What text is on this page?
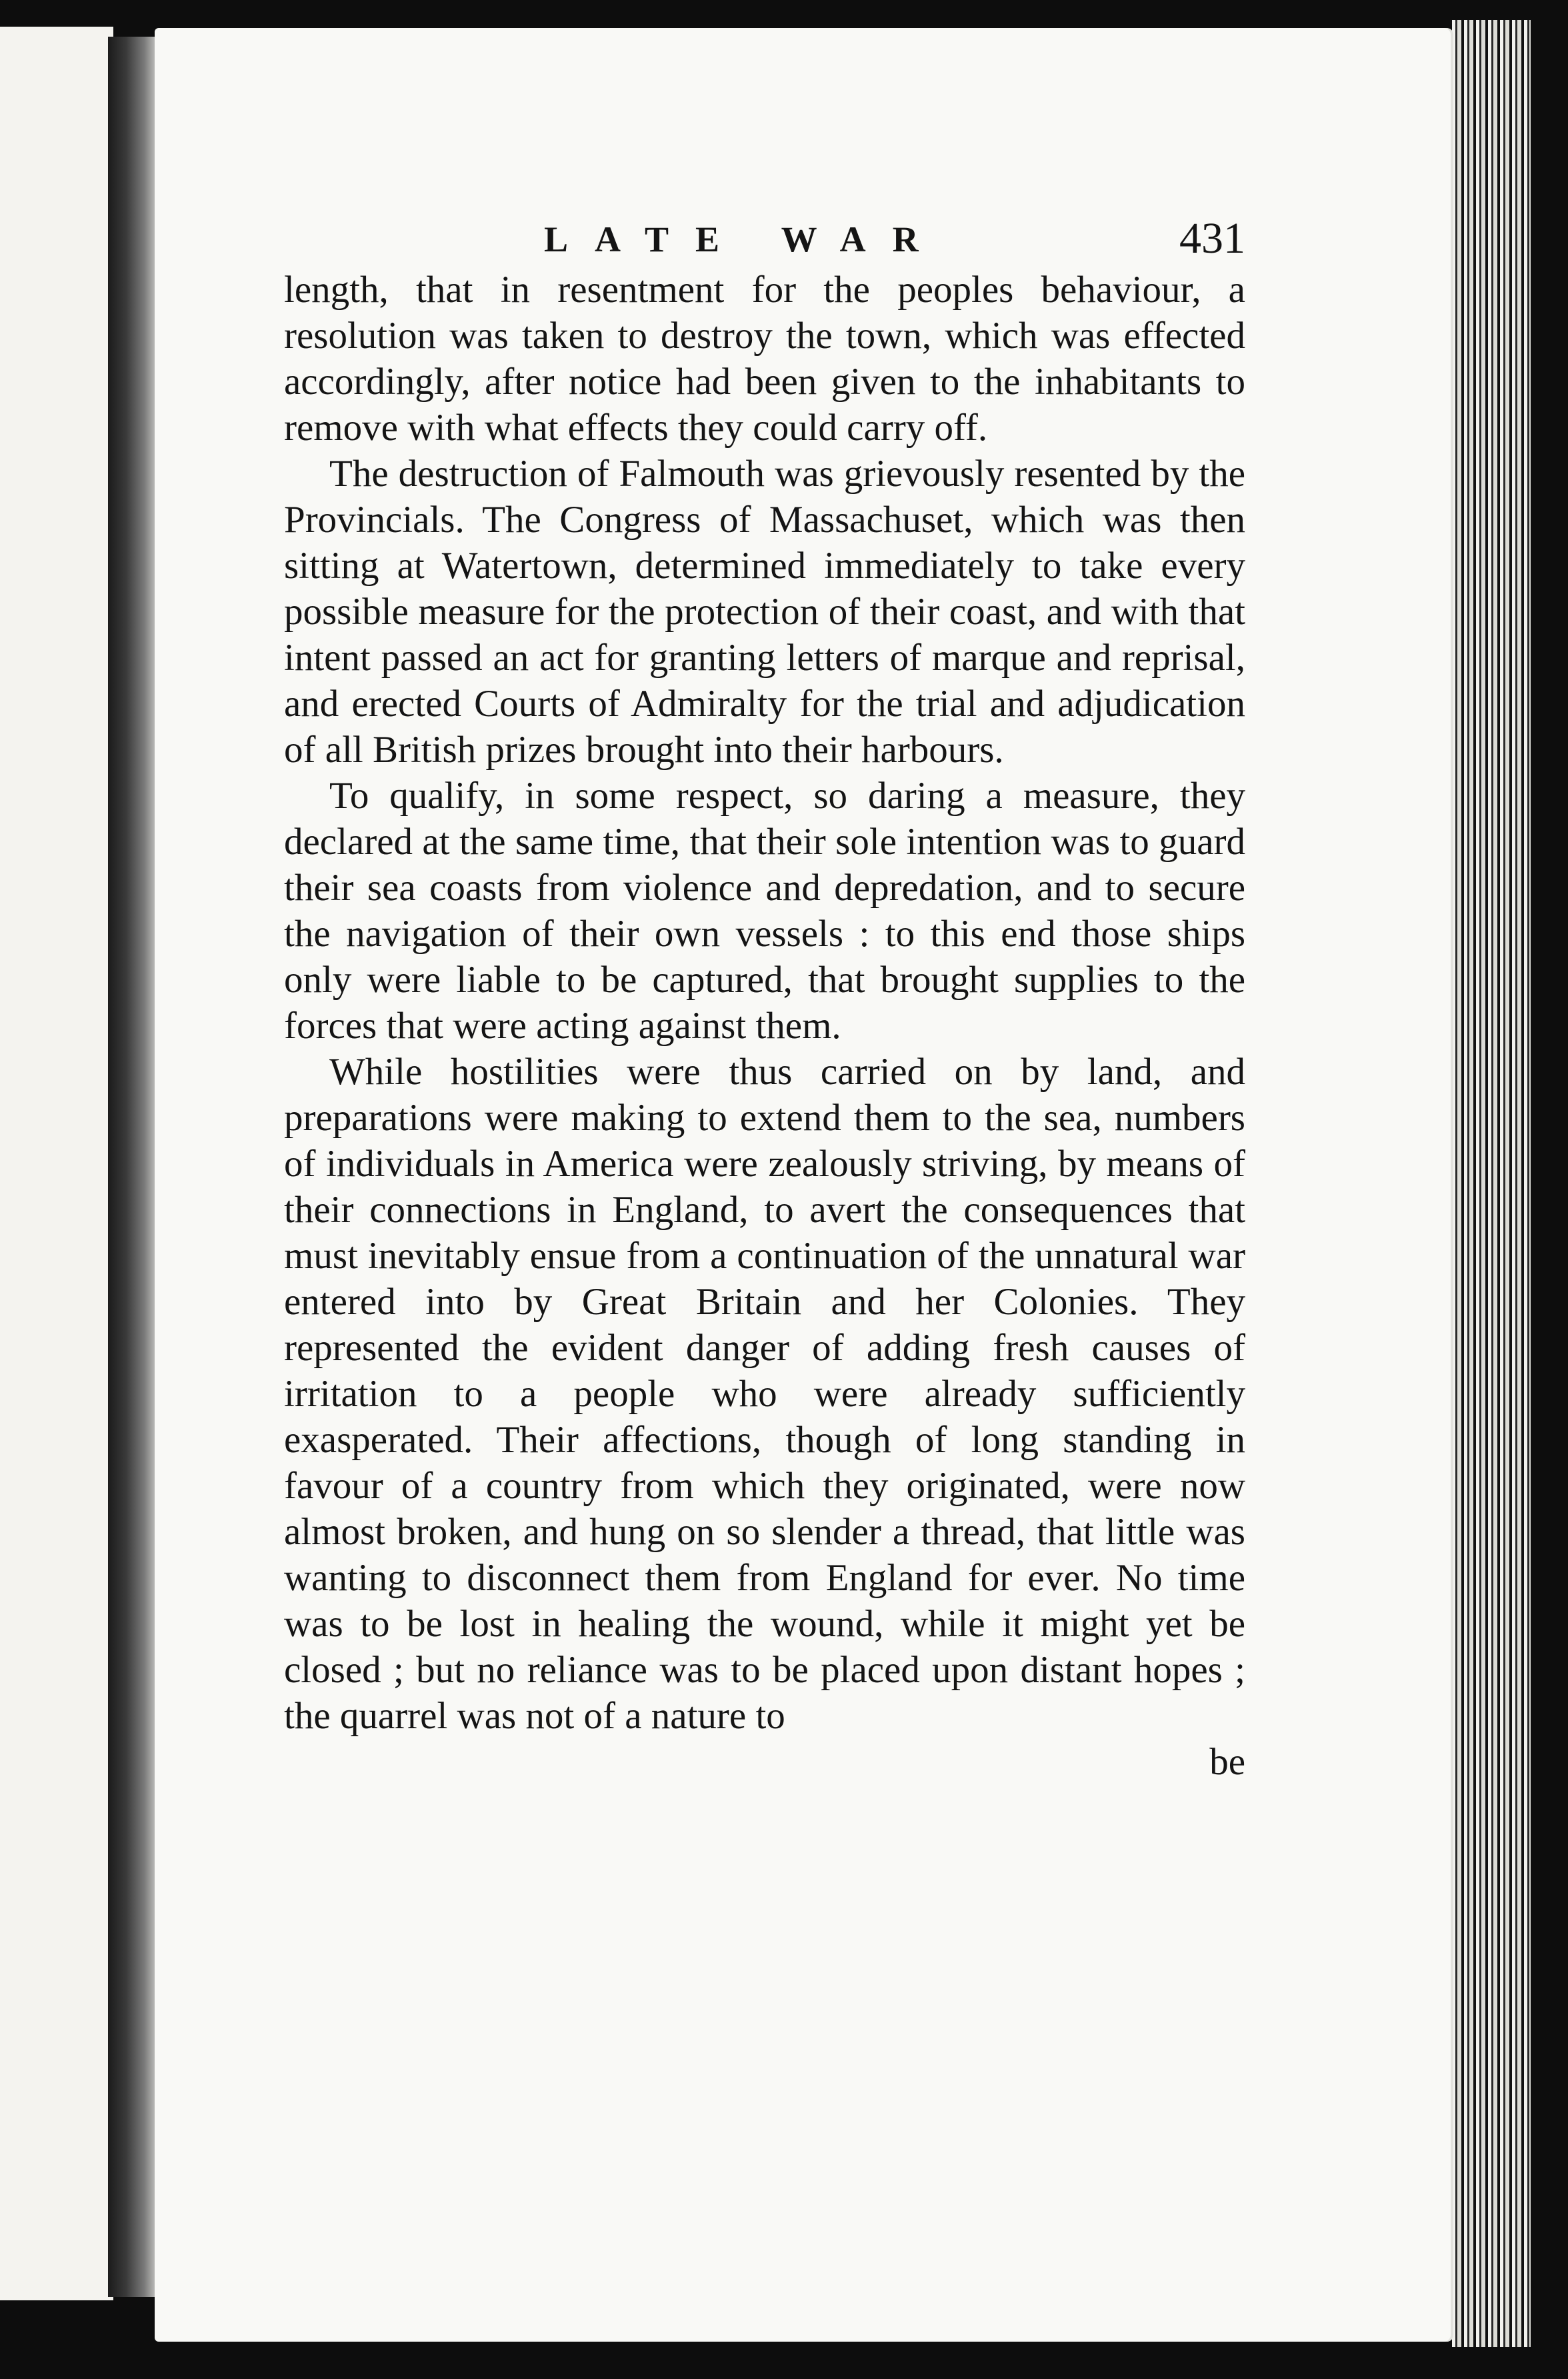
LATE WAR	431

length, that in resentment for the peoples behaviour, a resolution was taken to destroy the town, which was effected accordingly, after notice had been given to the inhabitants to remove with what effects they could carry off.

The destruction of Falmouth was grievously resented by the Provincials. The Congress of Massachuset, which was then sitting at Watertown, determined immediately to take every possible measure for the protection of their coast, and with that intent passed an act for granting letters of marque and reprisal, and erected Courts of Admiralty for the trial and adjudication of all British prizes brought into their harbours.

To qualify, in some respect, so daring a measure, they declared at the same time, that their sole intention was to guard their sea coasts from violence and depredation, and to secure the navigation of their own vessels : to this end those ships only were liable to be captured, that brought supplies to the forces that were acting against them.

While hostilities were thus carried on by land, and preparations were making to extend them to the sea, numbers of individuals in America were zealously striving, by means of their connections in England, to avert the consequences that must inevitably ensue from a continuation of the unnatural war entered into by Great Britain and her Colonies. They represented the evident danger of adding fresh causes of irritation to a people who were already sufficiently exasperated. Their affections, though of long standing in favour of a country from which they originated, were now almost broken, and hung on so slender a thread, that little was wanting to disconnect them from England for ever. No time was to be lost in healing the wound, while it might yet be closed ; but no reliance was to be placed upon distant hopes ; the quarrel was not of a nature to

be
